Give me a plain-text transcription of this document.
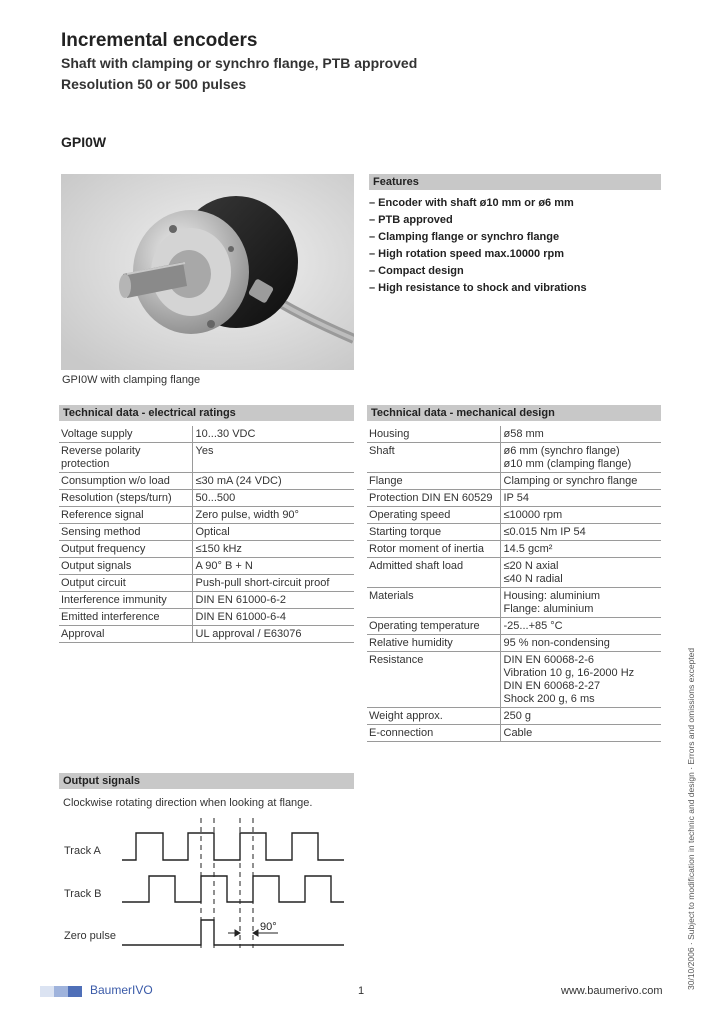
Incremental encoders
Shaft with clamping or synchro flange, PTB approved
Resolution 50 or 500 pulses
GPI0W
GPI0W with clamping flange
Features
– Encoder with shaft ø10 mm or ø6 mm
– PTB approved
– Clamping flange or synchro flange
– High rotation speed max.10000 rpm
– Compact design
– High resistance to shock and vibrations
Technical data - electrical ratings
Voltage supply	10...30 VDC
Reverse polarity protection	Yes
Consumption w/o load	≤30 mA (24 VDC)
Resolution (steps/turn)	50...500
Reference signal	Zero pulse, width 90°
Sensing method	Optical
Output frequency	≤150 kHz
Output signals	A 90° B + N
Output circuit	Push-pull short-circuit proof
Interference immunity	DIN EN 61000-6-2
Emitted interference	DIN EN 61000-6-4
Approval	UL approval / E63076
Technical data - mechanical design
Housing	ø58 mm
Shaft	ø6 mm (synchro flange)
ø10 mm (clamping flange)
Flange	Clamping or synchro flange
Protection DIN EN 60529	IP 54
Operating speed	≤10000 rpm
Starting torque	≤0.015 Nm IP 54
Rotor moment of inertia	14.5 gcm²
Admitted shaft load	≤20 N axial
≤40 N radial
Materials	Housing: aluminium
Flange: aluminium
Operating temperature	-25...+85 °C
Relative humidity	95 % non-condensing
Resistance	DIN EN 60068-2-6
Vibration 10 g, 16-2000 Hz
DIN EN 60068-2-27
Shock 200 g, 6 ms
Weight approx.	250 g
E-connection	Cable
Output signals
Clockwise rotating direction when looking at flange.
Track A
Track B
Zero pulse
90°
BaumerIVO	1	www.baumerivo.com
30/10/2006 · Subject to modification in technic and design · Errors and omissions excepted
